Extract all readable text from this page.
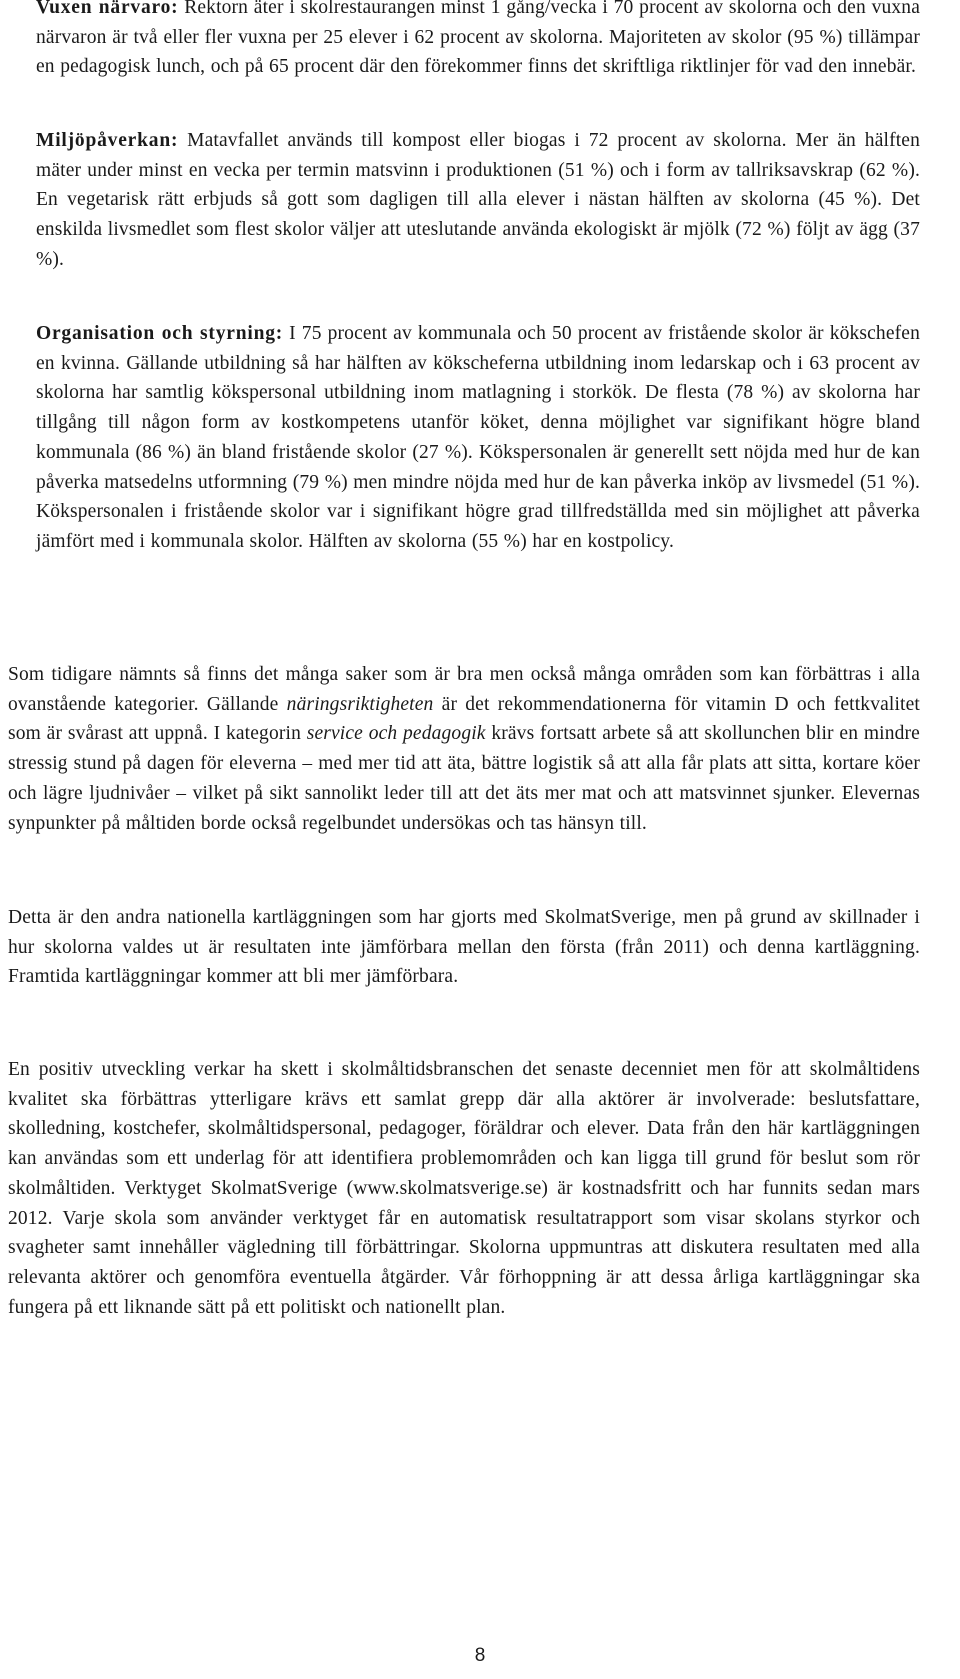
Vuxen närvaro: Rektorn äter i skolrestaurangen minst 1 gång/vecka i 70 procent av skolorna och den vuxna närvaron är två eller fler vuxna per 25 elever i 62 procent av skolorna. Majoriteten av skolor (95 %) tillämpar en pedagogisk lunch, och på 65 procent där den förekommer finns det skriftliga riktlinjer för vad den innebär.

Miljöpåverkan: Matavfallet används till kompost eller biogas i 72 procent av skolorna. Mer än hälften mäter under minst en vecka per termin matsvinn i produktionen (51 %) och i form av tallriksavskrap (62 %). En vegetarisk rätt erbjuds så gott som dagligen till alla elever i nästan hälften av skolorna (45 %). Det enskilda livsmedlet som flest skolor väljer att uteslutande använda ekologiskt är mjölk (72 %) följt av ägg (37 %).

Organisation och styrning: I 75 procent av kommunala och 50 procent av fristående skolor är kökschefen en kvinna. Gällande utbildning så har hälften av kökscheferna utbildning inom ledarskap och i 63 procent av skolorna har samtlig kökspersonal utbildning inom matlagning i storkök. De flesta (78 %) av skolorna har tillgång till någon form av kostkompetens utanför köket, denna möjlighet var signifikant högre bland kommunala (86 %) än bland fristående skolor (27 %). Kökspersonalen är generellt sett nöjda med hur de kan påverka matsedelns utformning (79 %) men mindre nöjda med hur de kan påverka inköp av livsmedel (51 %). Kökspersonalen i fristående skolor var i signifikant högre grad tillfredställda med sin möjlighet att påverka jämfört med i kommunala skolor. Hälften av skolorna (55 %) har en kostpolicy.

Som tidigare nämnts så finns det många saker som är bra men också många områden som kan förbättras i alla ovanstående kategorier. Gällande näringsriktigheten är det rekommendationerna för vitamin D och fettkvalitet som är svårast att uppnå. I kategorin service och pedagogik krävs fortsatt arbete så att skollunchen blir en mindre stressig stund på dagen för eleverna – med mer tid att äta, bättre logistik så att alla får plats att sitta, kortare köer och lägre ljudnivåer – vilket på sikt sannolikt leder till att det äts mer mat och att matsvinnet sjunker. Elevernas synpunkter på måltiden borde också regelbundet undersökas och tas hänsyn till.

Detta är den andra nationella kartläggningen som har gjorts med SkolmatSverige, men på grund av skillnader i hur skolorna valdes ut är resultaten inte jämförbara mellan den första (från 2011) och denna kartläggning. Framtida kartläggningar kommer att bli mer jämförbara.

En positiv utveckling verkar ha skett i skolmåltidsbranschen det senaste decenniet men för att skolmåltidens kvalitet ska förbättras ytterligare krävs ett samlat grepp där alla aktörer är involverade: beslutsfattare, skolledning, kostchefer, skolmåltidspersonal, pedagoger, föräldrar och elever. Data från den här kartläggningen kan användas som ett underlag för att identifiera problemområden och kan ligga till grund för beslut som rör skolmåltiden. Verktyget SkolmatSverige (www.skolmatsverige.se) är kostnadsfritt och har funnits sedan mars 2012. Varje skola som använder verktyget får en automatisk resultatrapport som visar skolans styrkor och svagheter samt innehåller vägledning till förbättringar. Skolorna uppmuntras att diskutera resultaten med alla relevanta aktörer och genomföra eventuella åtgärder. Vår förhoppning är att dessa årliga kartläggningar ska fungera på ett liknande sätt på ett politiskt och nationellt plan.

8
